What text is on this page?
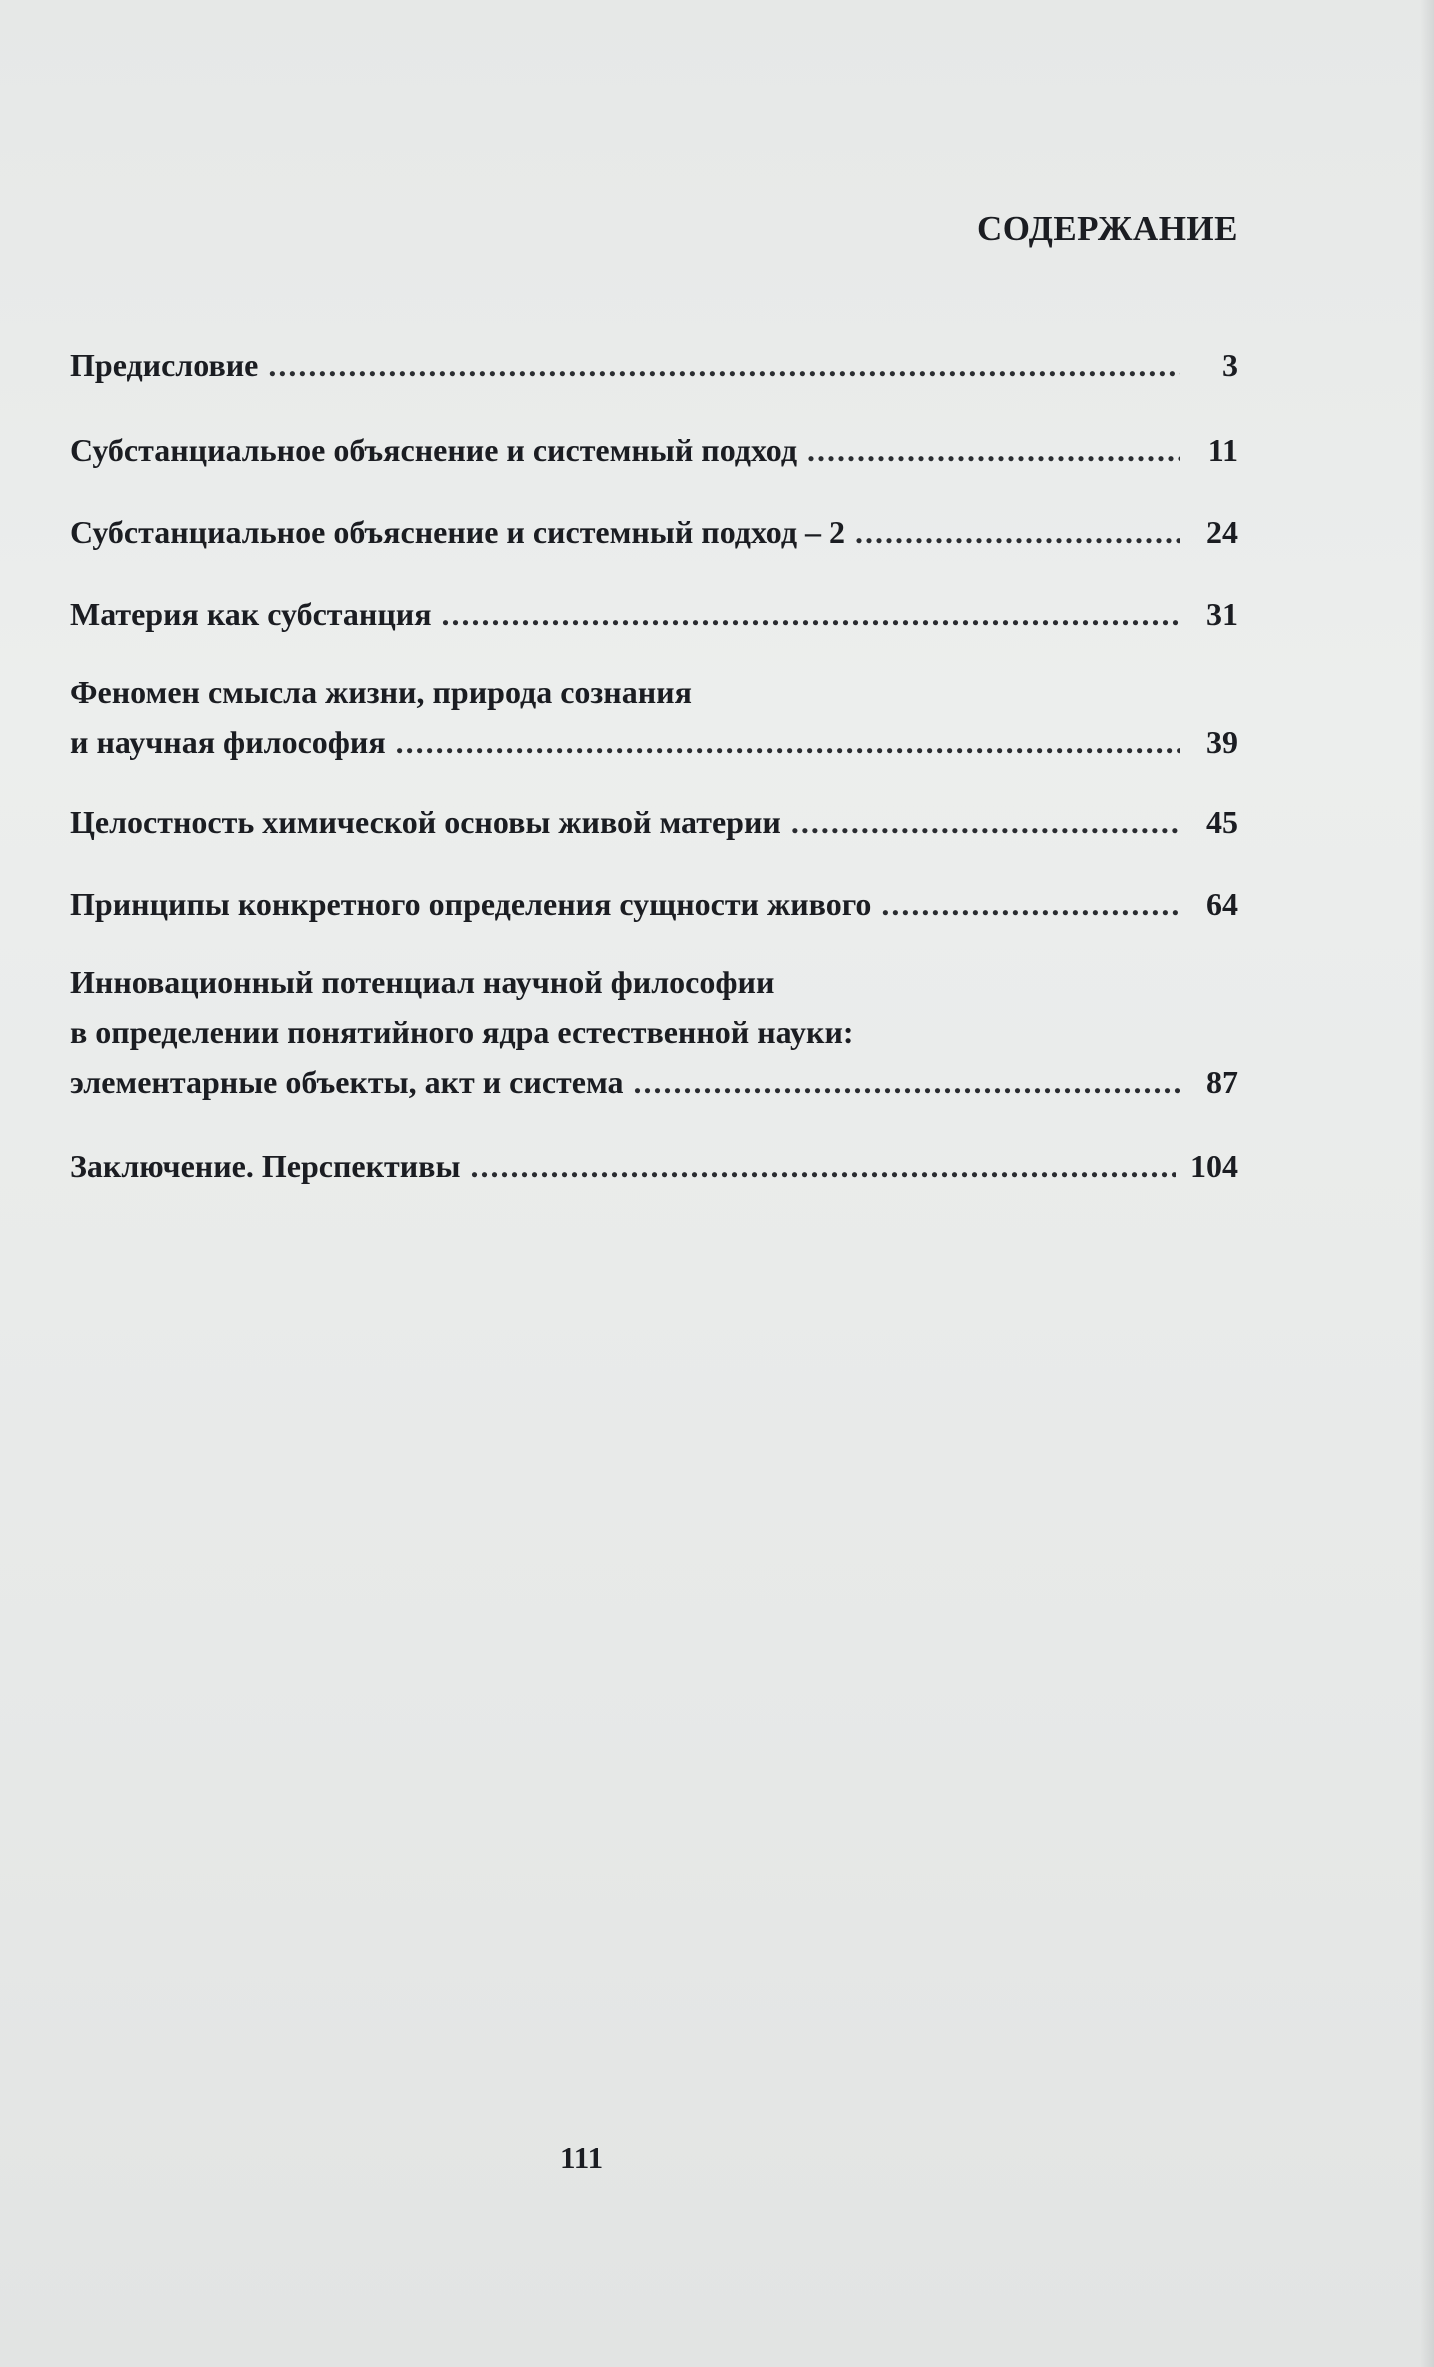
СОДЕРЖАНИЕ
Предисловие . . .	3
Субстанциальное объяснение и системный подход . . .	11
Субстанциальное объяснение и системный подход – 2 . . .	24
Материя как субстанция . . .	31
Феномен смысла жизни, природа сознания
и научная философия . . .	39
Целостность химической основы живой материи . . .	45
Принципы конкретного определения сущности живого . . .	64
Инновационный потенциал научной философии
в определении понятийного ядра естественной науки:
элементарные объекты, акт и система . . .	87
Заключение. Перспективы . . .	104
111
